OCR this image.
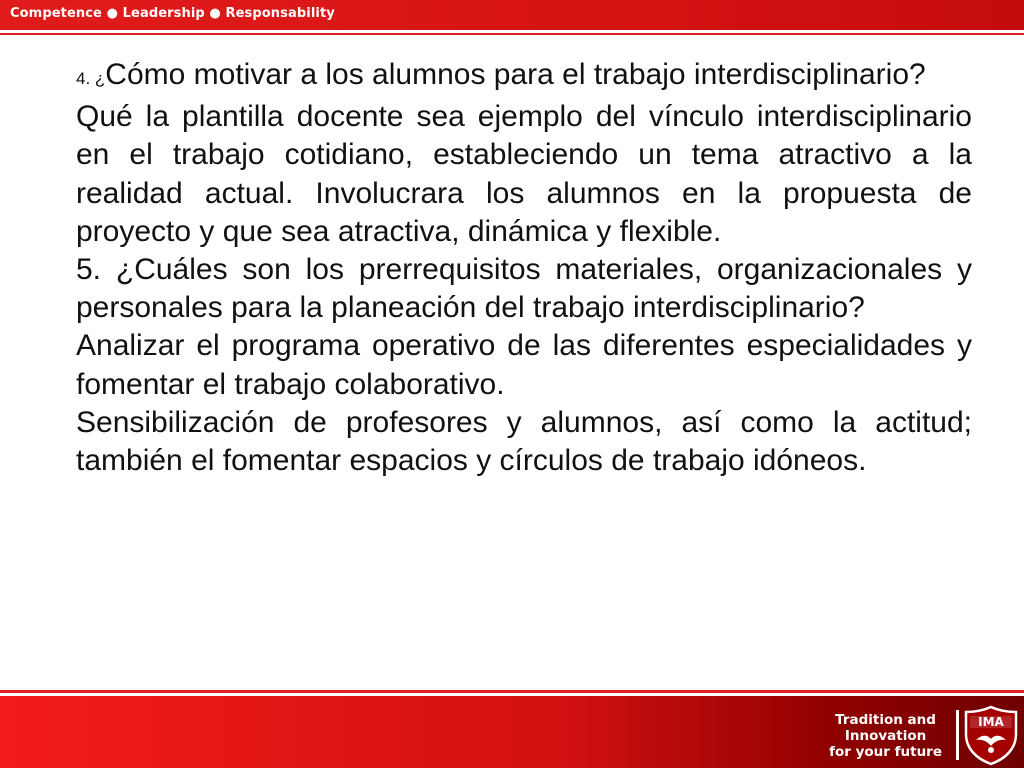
Competence ● Leadership ● Responsability

4. ¿Cómo motivar a los alumnos para el trabajo interdisciplinario?

Qué la plantilla docente sea ejemplo del vínculo interdisciplinario en el trabajo cotidiano, estableciendo un tema atractivo a la realidad actual. Involucrara los alumnos en la propuesta de proyecto y que sea atractiva, dinámica y flexible.

5. ¿Cuáles son los prerrequisitos materiales, organizacionales y personales para la planeación del trabajo interdisciplinario?

Analizar el programa operativo de las diferentes especialidades y fomentar el trabajo colaborativo.

Sensibilización de profesores y alumnos, así como la actitud; también el fomentar espacios y círculos de trabajo idóneos.

Tradition and
Innovation
for your future
IMA
